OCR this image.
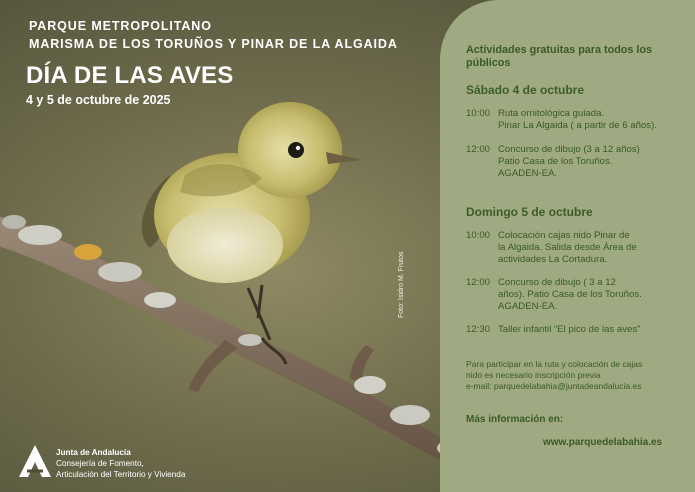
PARQUE METROPOLITANO
MARISMA DE LOS TORUÑOS Y PINAR DE LA ALGAIDA
DÍA DE LAS AVES
4 y 5 de octubre de 2025
Foto: Isidro M. Frutos
Junta de Andalucía
Consejería de Fomento,
Articulación del Territorio y Vivienda
Actividades gratuitas para todos los
públicos
Sábado 4 de octubre
10:00 Ruta ornitológica guiada.
Pinar La Algaida ( a partir de 6 años).
12:00 Concurso de dibujo (3 a 12 años)
Patio Casa de los Toruños.
AGADEN-EA.
Domingo 5 de octubre
10:00 Colocación cajas nido Pinar de
la Algaida. Salida desde Área de
actividades La Cortadura.
12:00 Concurso de dibujo ( 3 a 12
años). Patio Casa de los Toruños.
AGADEN-EA.
12:30 Taller infantil “El pico de las aves”
Para participar en la ruta y colocación de cajas
nido es necesario inscripción previa
e-mail: parquedelabahia@juntadeandalucia.es
Más información en:
www.parquedelabahia.es
